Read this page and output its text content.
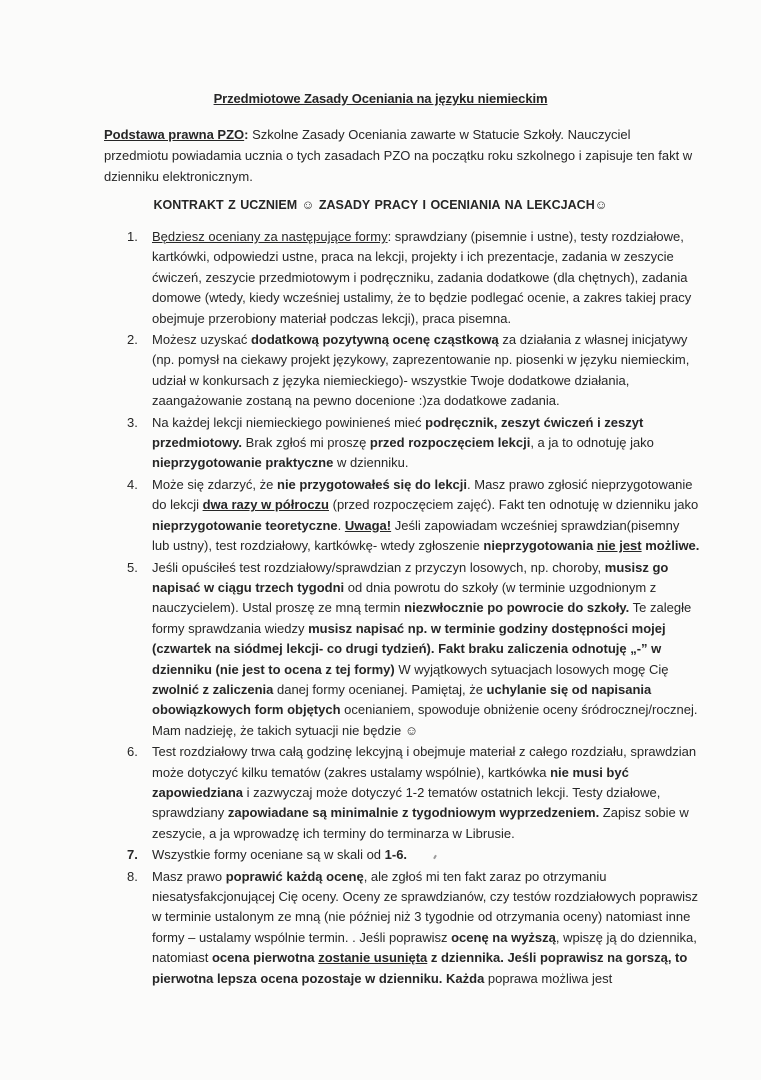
Przedmiotowe Zasady Oceniania na języku niemieckim
Podstawa prawna PZO: Szkolne Zasady Oceniania zawarte w Statucie Szkoły. Nauczyciel przedmiotu powiadamia ucznia o tych zasadach PZO na początku roku szkolnego i zapisuje ten fakt w dzienniku elektronicznym.
KONTRAKT Z UCZNIEM ☺ ZASADY PRACY I OCENIANIA NA LEKCJACH☺
1. Będziesz oceniany za następujące formy: sprawdziany (pisemnie i ustne), testy rozdziałowe, kartkówki, odpowiedzi ustne, praca na lekcji, projekty i ich prezentacje, zadania w zeszycie ćwiczeń, zeszycie przedmiotowym i podręczniku, zadania dodatkowe (dla chętnych), zadania domowe (wtedy, kiedy wcześniej ustalimy, że to będzie podlegać ocenie, a zakres takiej pracy obejmuje przerobiony materiał podczas lekcji), praca pisemna.
2. Możesz uzyskać dodatkową pozytywną ocenę cząstkową za działania z własnej inicjatywy (np. pomysł na ciekawy projekt językowy, zaprezentowanie np. piosenki w języku niemieckim, udział w konkursach z języka niemieckiego)- wszystkie Twoje dodatkowe działania, zaangażowanie zostaną na pewno docenione :)za dodatkowe zadania.
3. Na każdej lekcji niemieckiego powinieneś mieć podręcznik, zeszyt ćwiczeń i zeszyt przedmiotowy. Brak zgłoś mi proszę przed rozpoczęciem lekcji, a ja to odnotuję jako nieprzygotowanie praktyczne w dzienniku.
4. Może się zdarzyć, że nie przygotowałeś się do lekcji. Masz prawo zgłosić nieprzygotowanie do lekcji dwa razy w półroczu (przed rozpoczęciem zajęć). Fakt ten odnotuję w dzienniku jako nieprzygotowanie teoretyczne. Uwaga! Jeśli zapowiadam wcześniej sprawdzian(pisemny lub ustny), test rozdziałowy, kartkówkę- wtedy zgłoszenie nieprzygotowania nie jest możliwe.
5. Jeśli opuściłeś test rozdziałowy/sprawdzian z przyczyn losowych, np. choroby, musisz go napisać w ciągu trzech tygodni od dnia powrotu do szkoły (w terminie uzgodnionym z nauczycielem). Ustal proszę ze mną termin niezwłocznie po powrocie do szkoły. Te zaległe formy sprawdzania wiedzy musisz napisać np. w terminie godziny dostępności mojej (czwartek na siódmej lekcji- co drugi tydzień). Fakt braku zaliczenia odnotuję „-” w dzienniku (nie jest to ocena z tej formy) W wyjątkowych sytuacjach losowych mogę Cię zwolnić z zaliczenia danej formy ocenianej. Pamiętaj, że uchylanie się od napisania obowiązkowych form objętych ocenianiem, spowoduje obniżenie oceny śródrocznej/rocznej. Mam nadzieję, że takich sytuacji nie będzie ☺
6. Test rozdziałowy trwa całą godzinę lekcyjną i obejmuje materiał z całego rozdziału, sprawdzian może dotyczyć kilku tematów (zakres ustalamy wspólnie), kartkówka nie musi być zapowiedziana i zazwyczaj może dotyczyć 1-2 tematów ostatnich lekcji. Testy działowe, sprawdziany zapowiadane są minimalnie z tygodniowym wyprzedzeniem. Zapisz sobie w zeszycie, a ja wprowadzę ich terminy do terminarza w Librusie.
7. Wszystkie formy oceniane są w skali od 1-6.
8. Masz prawo poprawić każdą ocenę, ale zgłoś mi ten fakt zaraz po otrzymaniu niesatysfakcjonującej Cię oceny. Oceny ze sprawdzianów, czy testów rozdziałowych poprawisz w terminie ustalonym ze mną (nie później niż 3 tygodnie od otrzymania oceny) natomiast inne formy – ustalamy wspólnie termin. . Jeśli poprawisz ocenę na wyższą, wpiszę ją do dziennika, natomiast ocena pierwotna zostanie usunięta z dziennika. Jeśli poprawisz na gorszą, to pierwotna lepsza ocena pozostaje w dzienniku. Każda poprawa możliwa jest
